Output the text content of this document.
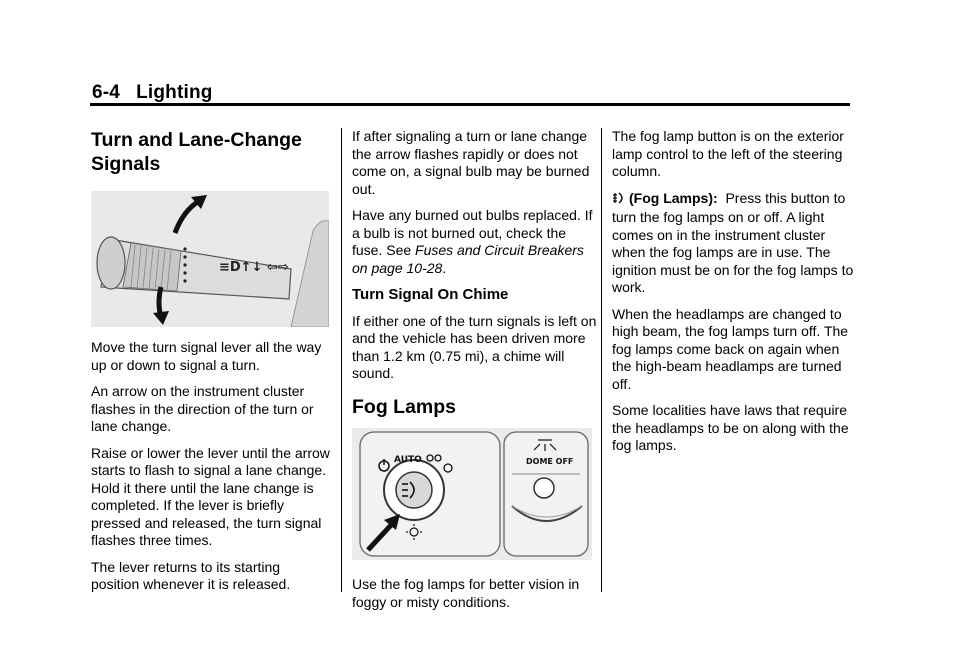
6-4 Lighting
Turn and Lane-Change Signals
≡D↑↓ ⇦⇨

Move the turn signal lever all the way up or down to signal a turn.

An arrow on the instrument cluster flashes in the direction of the turn or lane change.

Raise or lower the lever until the arrow starts to flash to signal a lane change. Hold it there until the lane change is completed. If the lever is briefly pressed and released, the turn signal flashes three times.

The lever returns to its starting position whenever it is released.

If after signaling a turn or lane change the arrow flashes rapidly or does not come on, a signal bulb may be burned out.

Have any burned out bulbs replaced. If a bulb is not burned out, check the fuse. See Fuses and Circuit Breakers on page 10-28.

Turn Signal On Chime

If either one of the turn signals is left on and the vehicle has been driven more than 1.2 km (0.75 mi), a chime will sound.

Fog Lamps
AUTO	DOME OFF

Use the fog lamps for better vision in foggy or misty conditions.

The fog lamp button is on the exterior lamp control to the left of the steering column.

(Fog Lamps): Press this button to turn the fog lamps on or off. A light comes on in the instrument cluster when the fog lamps are in use. The ignition must be on for the fog lamps to work.

When the headlamps are changed to high beam, the fog lamps turn off. The fog lamps come back on again when the high-beam headlamps are turned off.

Some localities have laws that require the headlamps to be on along with the fog lamps.
